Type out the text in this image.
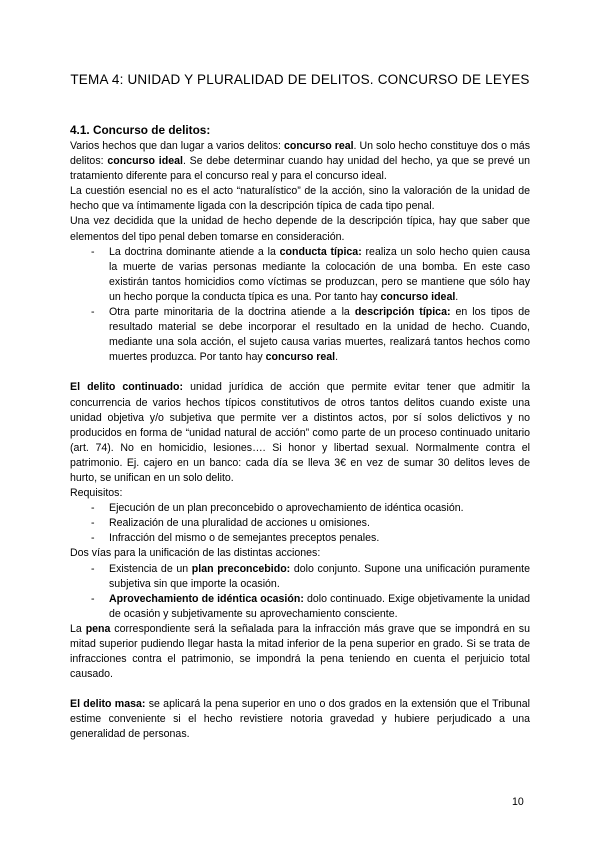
TEMA 4: UNIDAD Y PLURALIDAD DE DELITOS. CONCURSO DE LEYES
4.1. Concurso de delitos:

Varios hechos que dan lugar a varios delitos: concurso real. Un solo hecho constituye dos o más delitos: concurso ideal. Se debe determinar cuando hay unidad del hecho, ya que se prevé un tratamiento diferente para el concurso real y para el concurso ideal.

La cuestión esencial no es el acto “naturalístico” de la acción, sino la valoración de la unidad de hecho que va íntimamente ligada con la descripción típica de cada tipo penal.

Una vez decidida que la unidad de hecho depende de la descripción típica, hay que saber que elementos del tipo penal deben tomarse en consideración.

- La doctrina dominante atiende a la conducta típica: realiza un solo hecho quien causa la muerte de varias personas mediante la colocación de una bomba. En este caso existirán tantos homicidios como víctimas se produzcan, pero se mantiene que sólo hay un hecho porque la conducta típica es una. Por tanto hay concurso ideal.
- Otra parte minoritaria de la doctrina atiende a la descripción típica: en los tipos de resultado material se debe incorporar el resultado en la unidad de hecho. Cuando, mediante una sola acción, el sujeto causa varias muertes, realizará tantos hechos como muertes produzca. Por tanto hay concurso real.

El delito continuado: unidad jurídica de acción que permite evitar tener que admitir la concurrencia de varios hechos típicos constitutivos de otros tantos delitos cuando existe una unidad objetiva y/o subjetiva que permite ver a distintos actos, por sí solos delictivos y no producidos en forma de “unidad natural de acción” como parte de un proceso continuado unitario (art. 74). No en homicidio, lesiones…. Si honor y libertad sexual. Normalmente contra el patrimonio. Ej. cajero en un banco: cada día se lleva 3€ en vez de sumar 30 delitos leves de hurto, se unifican en un solo delito.

Requisitos:

- Ejecución de un plan preconcebido o aprovechamiento de idéntica ocasión.
- Realización de una pluralidad de acciones u omisiones.
- Infracción del mismo o de semejantes preceptos penales.

Dos vías para la unificación de las distintas acciones:

- Existencia de un plan preconcebido: dolo conjunto. Supone una unificación puramente subjetiva sin que importe la ocasión.
- Aprovechamiento de idéntica ocasión: dolo continuado. Exige objetivamente la unidad de ocasión y subjetivamente su aprovechamiento consciente.

La pena correspondiente será la señalada para la infracción más grave que se impondrá en su mitad superior pudiendo llegar hasta la mitad inferior de la pena superior en grado. Si se trata de infracciones contra el patrimonio, se impondrá la pena teniendo en cuenta el perjuicio total causado.

El delito masa: se aplicará la pena superior en uno o dos grados en la extensión que el Tribunal estime conveniente si el hecho revistiere notoria gravedad y hubiere perjudicado a una generalidad de personas.

10
